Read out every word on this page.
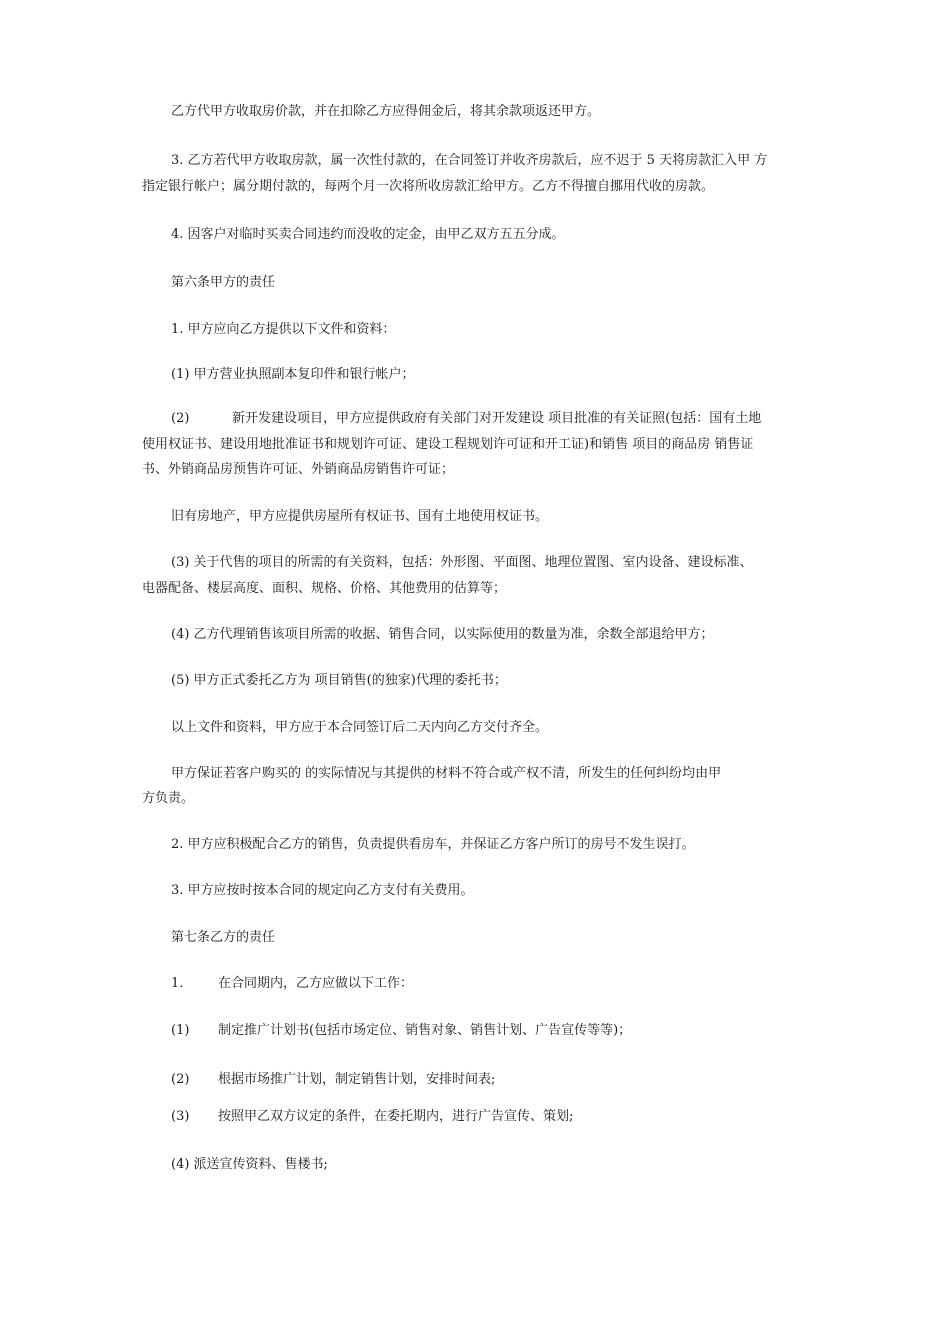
乙方代甲方收取房价款，并在扣除乙方应得佣金后，将其余款项返还甲方。

3. 乙方若代甲方收取房款，属一次性付款的，在合同签订并收齐房款后，应不迟于 5 天将房款汇入甲 方

指定银行帐户；属分期付款的，每两个月一次将所收房款汇给甲方。乙方不得擅自挪用代收的房款。

4. 因客户对临时买卖合同违约而没收的定金，由甲乙双方五五分成。

第六条甲方的责任

1. 甲方应向乙方提供以下文件和资料：

(1) 甲方营业执照副本复印件和银行帐户；

(2)	新开发建设项目，甲方应提供政府有关部门对开发建设 项目批准的有关证照(包括：国有土地

使用权证书、建设用地批准证书和规划许可证、建设工程规划许可证和开工证)和销售 项目的商品房 销售证

书、外销商品房预售许可证、外销商品房销售许可证；

旧有房地产，甲方应提供房屋所有权证书、国有土地使用权证书。

(3) 关于代售的项目的所需的有关资料，包括：外形图、平面图、地理位置图、室内设备、建设标准、

电器配备、楼层高度、面积、规格、价格、其他费用的估算等；

(4) 乙方代理销售该项目所需的收据、销售合同，以实际使用的数量为准，余数全部退给甲方；

(5) 甲方正式委托乙方为 项目销售(的独家)代理的委托书；

以上文件和资料，甲方应于本合同签订后二天内向乙方交付齐全。

甲方保证若客户购买的 的实际情况与其提供的材料不符合或产权不清，所发生的任何纠纷均由甲

方负责。

2. 甲方应积极配合乙方的销售，负责提供看房车，并保证乙方客户所订的房号不发生误打。

3. 甲方应按时按本合同的规定向乙方支付有关费用。

第七条乙方的责任

1.	在合同期内，乙方应做以下工作：

(1) 制定推广计划书(包括市场定位、销售对象、销售计划、广告宣传等等)；

(2) 根据市场推广计划，制定销售计划，安排时间表;

(3) 按照甲乙双方议定的条件，在委托期内，进行广告宣传、策划;

(4) 派送宣传资料、售楼书;
